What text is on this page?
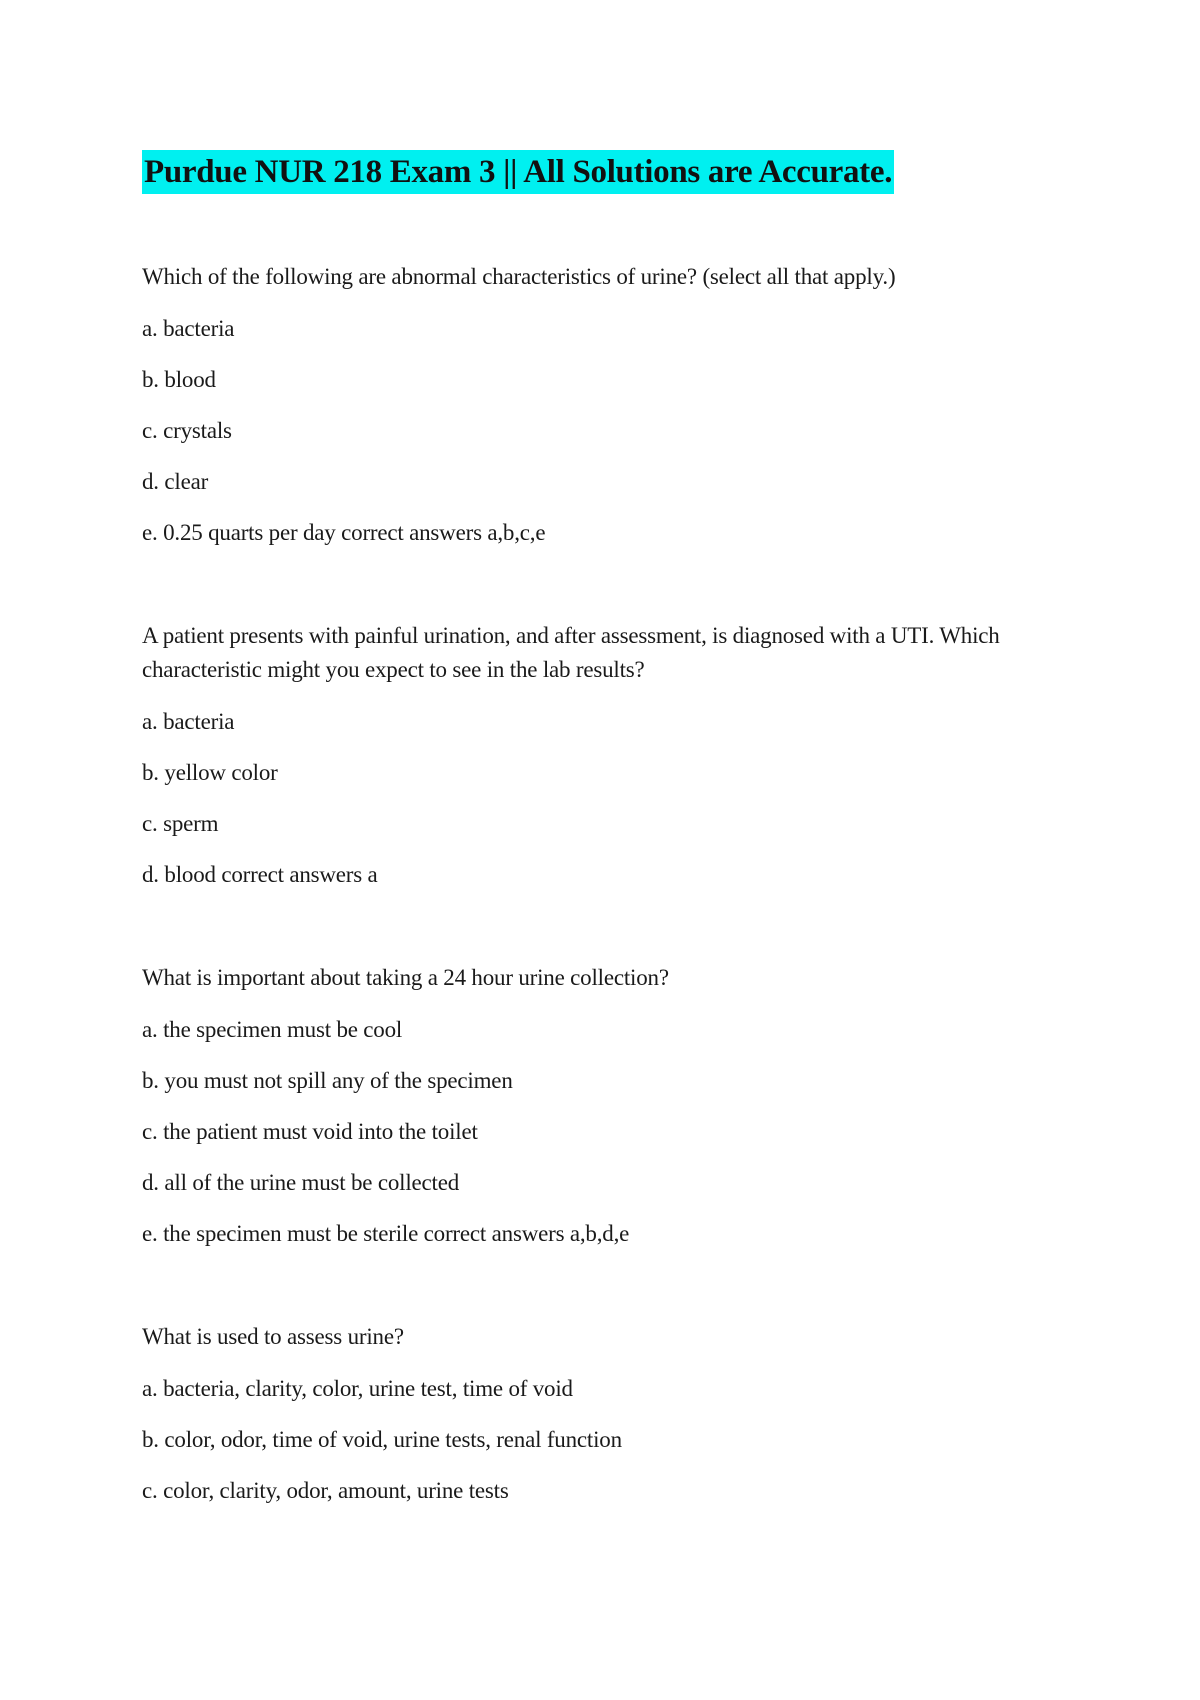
Purdue NUR 218 Exam 3 || All Solutions are Accurate.

Which of the following are abnormal characteristics of urine? (select all that apply.)

a. bacteria

b. blood

c. crystals

d. clear

e. 0.25 quarts per day correct answers a,b,c,e

A patient presents with painful urination, and after assessment, is diagnosed with a UTI. Which characteristic might you expect to see in the lab results?

a. bacteria

b. yellow color

c. sperm

d. blood correct answers a

What is important about taking a 24 hour urine collection?

a. the specimen must be cool

b. you must not spill any of the specimen

c. the patient must void into the toilet

d. all of the urine must be collected

e. the specimen must be sterile correct answers a,b,d,e

What is used to assess urine?

a. bacteria, clarity, color, urine test, time of void

b. color, odor, time of void, urine tests, renal function

c. color, clarity, odor, amount, urine tests
